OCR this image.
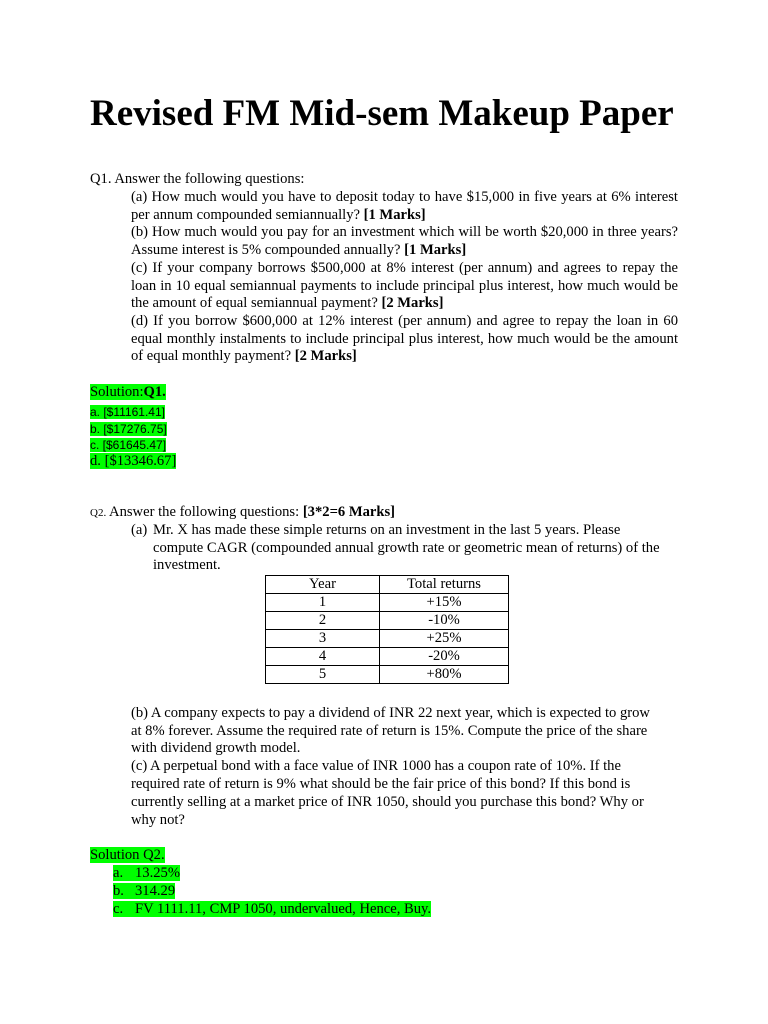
Revised FM Mid-sem Makeup Paper
Q1. Answer the following questions:
(a) How much would you have to deposit today to have $15,000 in five years at 6% interest per annum compounded semiannually? [1 Marks]
(b) How much would you pay for an investment which will be worth $20,000 in three years? Assume interest is 5% compounded annually? [1 Marks]
(c) If your company borrows $500,000 at 8% interest (per annum) and agrees to repay the loan in 10 equal semiannual payments to include principal plus interest, how much would be the amount of equal semiannual payment? [2 Marks]
(d) If you borrow $600,000 at 12% interest (per annum) and agree to repay the loan in 60 equal monthly instalments to include principal plus interest, how much would be the amount of equal monthly payment? [2 Marks]
Solution:Q1.
a. [$11161.41]
b. [$17276.75]
c. [$61645.47]
d. [$13346.67]
Q2. Answer the following questions: [3*2=6 Marks]
(a) Mr. X has made these simple returns on an investment in the last 5 years. Please
compute CAGR (compounded annual growth rate or geometric mean of returns) of the
investment.
Year	Total returns
1	+15%
2	-10%
3	+25%
4	-20%
5	+80%
(b) A company expects to pay a dividend of INR 22 next year, which is expected to grow
at 8% forever. Assume the required rate of return is 15%. Compute the price of the share
with dividend growth model.
(c) A perpetual bond with a face value of INR 1000 has a coupon rate of 10%. If the
required rate of return is 9% what should be the fair price of this bond? If this bond is
currently selling at a market price of INR 1050, should you purchase this bond? Why or
why not?
Solution Q2.
a. 13.25%
b. 314.29
c. FV 1111.11, CMP 1050, undervalued, Hence, Buy.
